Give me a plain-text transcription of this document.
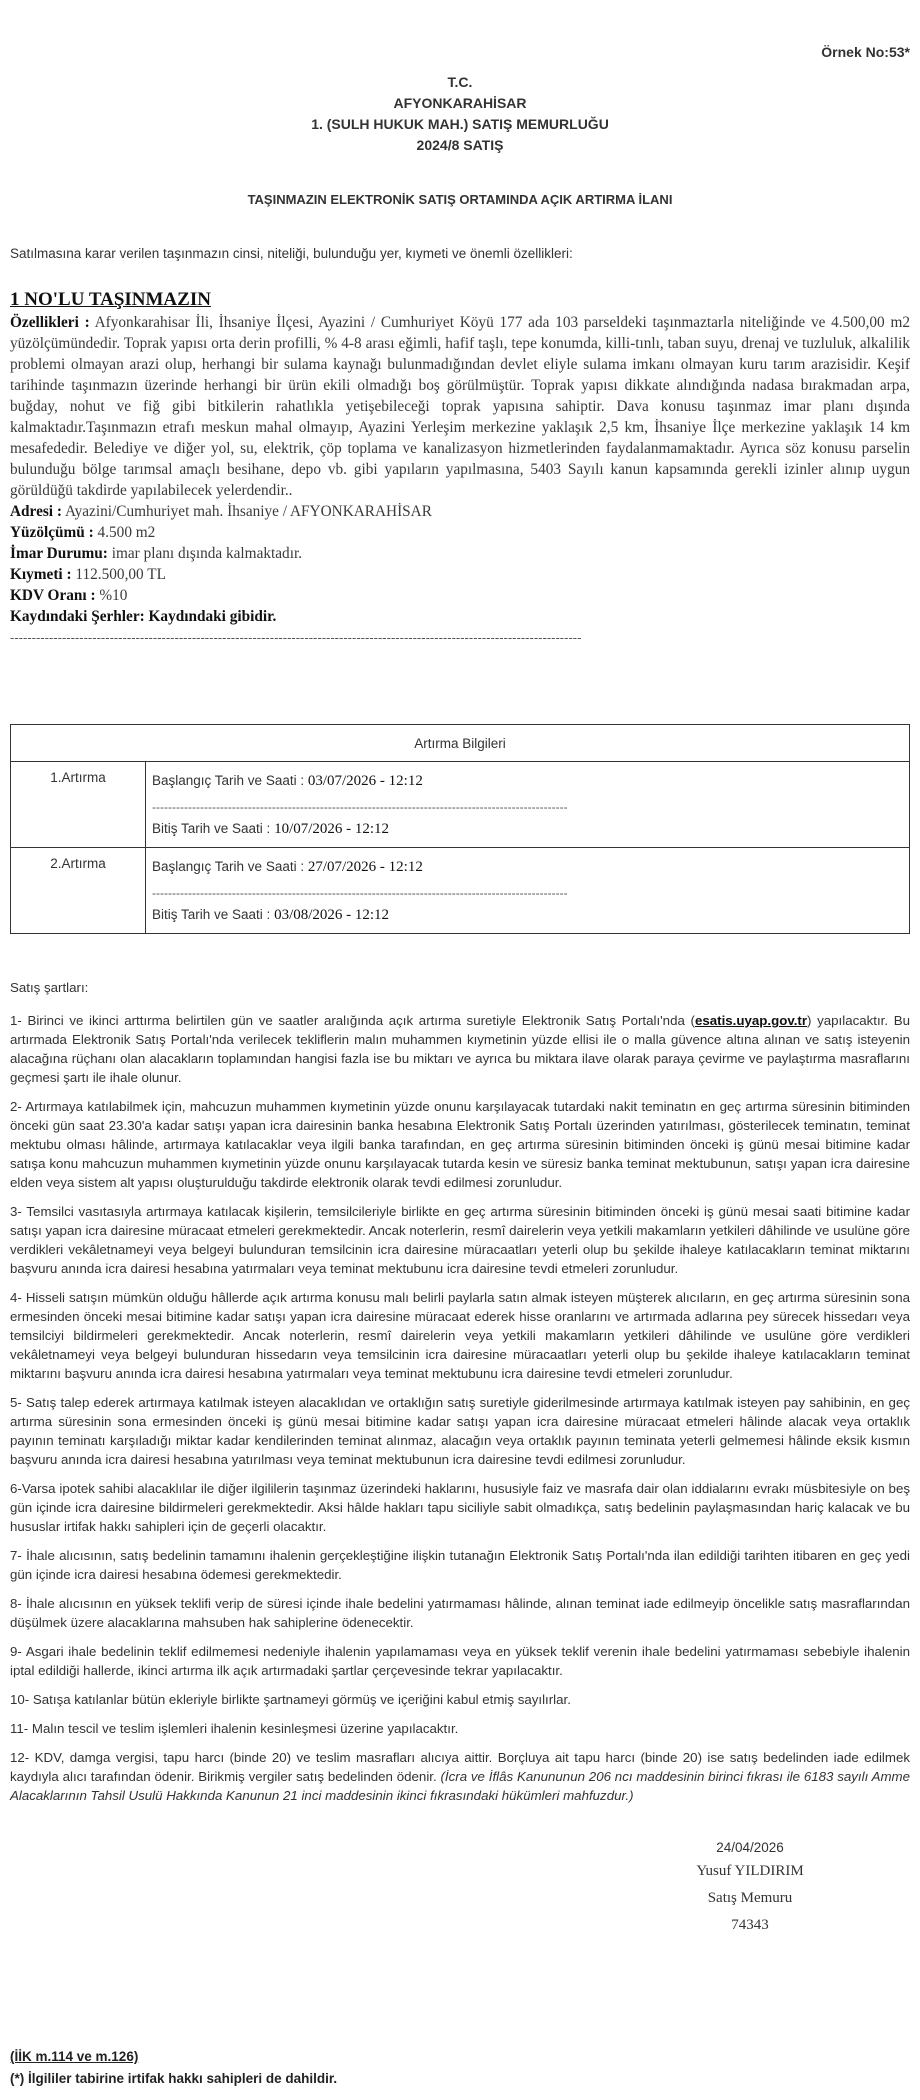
Örnek No:53*
T.C.
AFYONKARAHİSAR
1. (SULH HUKUK MAH.) SATIŞ MEMURLUĞU
2024/8 SATIŞ
TAŞINMAZIN ELEKTRONİK SATIŞ ORTAMINDA AÇIK ARTIRMA İLANI
Satılmasına karar verilen taşınmazın cinsi, niteliği, bulunduğu yer, kıymeti ve önemli özellikleri:
1 NO'LU TAŞINMAZIN

Özellikleri : Afyonkarahisar İli, İhsaniye İlçesi, Ayazini / Cumhuriyet Köyü 177 ada 103 parseldeki taşınmaztarla niteliğinde ve 4.500,00 m2 yüzölçümündedir. Toprak yapısı orta derin profilli, % 4-8 arası eğimli, hafif taşlı, tepe konumda, killi-tınlı, taban suyu, drenaj ve tuzluluk, alkalilik problemi olmayan arazi olup, herhangi bir sulama kaynağı bulunmadığından devlet eliyle sulama imkanı olmayan kuru tarım arazisidir. Keşif tarihinde taşınmazın üzerinde herhangi bir ürün ekili olmadığı boş görülmüştür. Toprak yapısı dikkate alındığında nadasa bırakmadan arpa, buğday, nohut ve fiğ gibi bitkilerin rahatlıkla yetişebileceği toprak yapısına sahiptir. Dava konusu taşınmaz imar planı dışında kalmaktadır.Taşınmazın etrafı meskun mahal olmayıp, Ayazini Yerleşim merkezine yaklaşık 2,5 km, İhsaniye İlçe merkezine yaklaşık 14 km mesafededir. Belediye ve diğer yol, su, elektrik, çöp toplama ve kanalizasyon hizmetlerinden faydalanmamaktadır. Ayrıca söz konusu parselin bulunduğu bölge tarımsal amaçlı besihane, depo vb. gibi yapıların yapılmasına, 5403 Sayılı kanun kapsamında gerekli izinler alınıp uygun görüldüğü takdirde yapılabilecek yelerdendir..

Adresi : Ayazini/Cumhuriyet mah. İhsaniye / AFYONKARAHİSAR

Yüzölçümü : 4.500 m2

İmar Durumu: imar planı dışında kalmaktadır.

Kıymeti : 112.500,00 TL

KDV Oranı : %10

Kaydındaki Şerhler: Kaydındaki gibidir.

------------------------------------------------------------------------------------------------------------------------------------
Artırma Bilgileri	
1.Artırma	Başlangıç Tarih ve Saati : 03/07/2026 - 12:12
--------------------------------------------------------------------------------------------------------
Bitiş Tarih ve Saati : 10/07/2026 - 12:12

2.Artırma	Başlangıç Tarih ve Saati : 27/07/2026 - 12:12
--------------------------------------------------------------------------------------------------------
Bitiş Tarih ve Saati : 03/08/2026 - 12:12

Satış şartları:

1- Birinci ve ikinci arttırma belirtilen gün ve saatler aralığında açık artırma suretiyle Elektronik Satış Portalı'nda (esatis.uyap.gov.tr) yapılacaktır. Bu artırmada Elektronik Satış Portalı'nda verilecek tekliflerin malın muhammen kıymetinin yüzde ellisi ile o malla güvence altına alınan ve satış isteyenin alacağına rüçhanı olan alacakların toplamından hangisi fazla ise bu miktarı ve ayrıca bu miktara ilave olarak paraya çevirme ve paylaştırma masraflarını geçmesi şartı ile ihale olunur.

2- Artırmaya katılabilmek için, mahcuzun muhammen kıymetinin yüzde onunu karşılayacak tutardaki nakit teminatın en geç artırma süresinin bitiminden önceki gün saat 23.30'a kadar satışı yapan icra dairesinin banka hesabına Elektronik Satış Portalı üzerinden yatırılması, gösterilecek teminatın, teminat mektubu olması hâlinde, artırmaya katılacaklar veya ilgili banka tarafından, en geç artırma süresinin bitiminden önceki iş günü mesai bitimine kadar satışa konu mahcuzun muhammen kıymetinin yüzde onunu karşılayacak tutarda kesin ve süresiz banka teminat mektubunun, satışı yapan icra dairesine elden veya sistem alt yapısı oluşturulduğu takdirde elektronik olarak tevdi edilmesi zorunludur.

3- Temsilci vasıtasıyla artırmaya katılacak kişilerin, temsilcileriyle birlikte en geç artırma süresinin bitiminden önceki iş günü mesai saati bitimine kadar satışı yapan icra dairesine müracaat etmeleri gerekmektedir. Ancak noterlerin, resmî dairelerin veya yetkili makamların yetkileri dâhilinde ve usulüne göre verdikleri vekâletnameyi veya belgeyi bulunduran temsilcinin icra dairesine müracaatları yeterli olup bu şekilde ihaleye katılacakların teminat miktarını başvuru anında icra dairesi hesabına yatırmaları veya teminat mektubunu icra dairesine tevdi etmeleri zorunludur.

4- Hisseli satışın mümkün olduğu hâllerde açık artırma konusu malı belirli paylarla satın almak isteyen müşterek alıcıların, en geç artırma süresinin sona ermesinden önceki mesai bitimine kadar satışı yapan icra dairesine müracaat ederek hisse oranlarını ve artırmada adlarına pey sürecek hissedarı veya temsilciyi bildirmeleri gerekmektedir. Ancak noterlerin, resmî dairelerin veya yetkili makamların yetkileri dâhilinde ve usulüne göre verdikleri vekâletnameyi veya belgeyi bulunduran hissedarın veya temsilcinin icra dairesine müracaatları yeterli olup bu şekilde ihaleye katılacakların teminat miktarını başvuru anında icra dairesi hesabına yatırmaları veya teminat mektubunu icra dairesine tevdi etmeleri zorunludur.

5- Satış talep ederek artırmaya katılmak isteyen alacaklıdan ve ortaklığın satış suretiyle giderilmesinde artırmaya katılmak isteyen pay sahibinin, en geç artırma süresinin sona ermesinden önceki iş günü mesai bitimine kadar satışı yapan icra dairesine müracaat etmeleri hâlinde alacak veya ortaklık payının teminatı karşıladığı miktar kadar kendilerinden teminat alınmaz, alacağın veya ortaklık payının teminata yeterli gelmemesi hâlinde eksik kısmın başvuru anında icra dairesi hesabına yatırılması veya teminat mektubunun icra dairesine tevdi edilmesi zorunludur.

6-Varsa ipotek sahibi alacaklılar ile diğer ilgililerin taşınmaz üzerindeki haklarını, hususiyle faiz ve masrafa dair olan iddialarını evrakı müsbitesiyle on beş gün içinde icra dairesine bildirmeleri gerekmektedir. Aksi hâlde hakları tapu siciliyle sabit olmadıkça, satış bedelinin paylaşmasından hariç kalacak ve bu hususlar irtifak hakkı sahipleri için de geçerli olacaktır.

7- İhale alıcısının, satış bedelinin tamamını ihalenin gerçekleştiğine ilişkin tutanağın Elektronik Satış Portalı'nda ilan edildiği tarihten itibaren en geç yedi gün içinde icra dairesi hesabına ödemesi gerekmektedir.

8- İhale alıcısının en yüksek teklifi verip de süresi içinde ihale bedelini yatırmaması hâlinde, alınan teminat iade edilmeyip öncelikle satış masraflarından düşülmek üzere alacaklarına mahsuben hak sahiplerine ödenecektir.

9- Asgari ihale bedelinin teklif edilmemesi nedeniyle ihalenin yapılamaması veya en yüksek teklif verenin ihale bedelini yatırmaması sebebiyle ihalenin iptal edildiği hallerde, ikinci artırma ilk açık artırmadaki şartlar çerçevesinde tekrar yapılacaktır.

10- Satışa katılanlar bütün ekleriyle birlikte şartnameyi görmüş ve içeriğini kabul etmiş sayılırlar.

11- Malın tescil ve teslim işlemleri ihalenin kesinleşmesi üzerine yapılacaktır.

12- KDV, damga vergisi, tapu harcı (binde 20) ve teslim masrafları alıcıya aittir. Borçluya ait tapu harcı (binde 20) ise satış bedelinden iade edilmek kaydıyla alıcı tarafından ödenir. Birikmiş vergiler satış bedelinden ödenir. (İcra ve İflâs Kanununun 206 ncı maddesinin birinci fıkrası ile 6183 sayılı Amme Alacaklarının Tahsil Usulü Hakkında Kanunun 21 inci maddesinin ikinci fıkrasındaki hükümleri mahfuzdur.)

24/04/2026
Yusuf YILDIRIM
Satış Memuru
74343
(İİK m.114 ve m.126)
(*) İlgililer tabirine irtifak hakkı sahipleri de dahildir.
